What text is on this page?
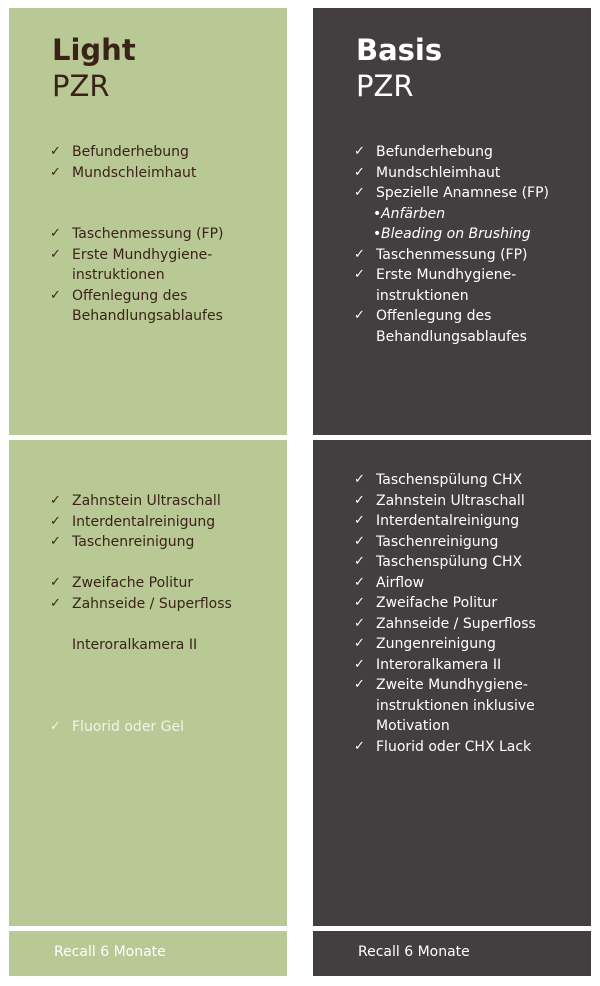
Light
PZR
✓ Befunderhebung
✓ Mundschleimhaut
✓ Taschenmessung (FP)
✓ Erste Mundhygiene-
instruktionen
✓ Offenlegung des
Behandlungsablaufes
✓ Zahnstein Ultraschall
✓ Interdentalreinigung
✓ Taschenreinigung
✓ Zweifache Politur
✓ Zahnseide / Superfloss
Interoralkamera II
✓ Fluorid oder Gel
Recall 6 Monate
Basis
PZR
✓ Befunderhebung
✓ Mundschleimhaut
✓ Spezielle Anamnese (FP)
• Anfärben
• Bleading on Brushing
✓ Taschenmessung (FP)
✓ Erste Mundhygiene-
instruktionen
✓ Offenlegung des
Behandlungsablaufes
✓ Taschenspülung CHX
✓ Zahnstein Ultraschall
✓ Interdentalreinigung
✓ Taschenreinigung
✓ Taschenspülung CHX
✓ Airflow
✓ Zweifache Politur
✓ Zahnseide / Superfloss
✓ Zungenreinigung
✓ Interoralkamera II
✓ Zweite Mundhygiene-
instruktionen inklusive
Motivation
✓ Fluorid oder CHX Lack
Recall 6 Monate
